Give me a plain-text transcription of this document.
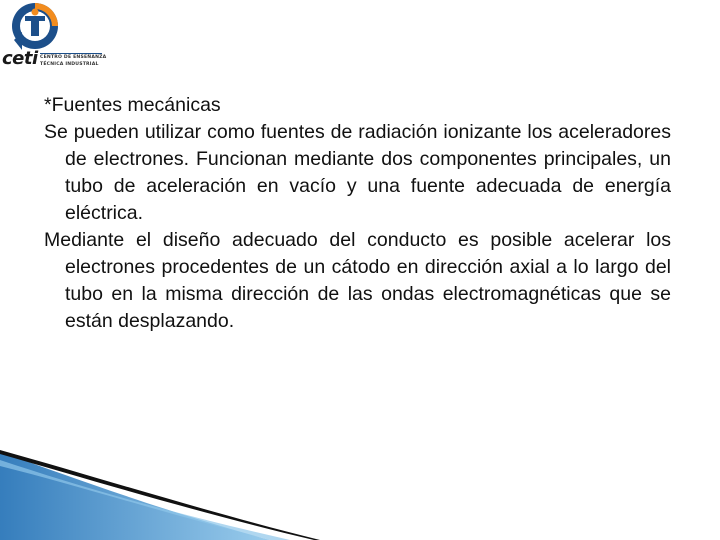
ceti CENTRO DE ENSEÑANZA
TÉCNICA INDUSTRIAL

*Fuentes mecánicas

Se pueden utilizar como fuentes de radiación ionizante los aceleradores de electrones. Funcionan mediante dos componentes principales, un tubo de aceleración en vacío y una fuente adecuada de energía eléctrica.

Mediante el diseño adecuado del conducto es posible acelerar los electrones procedentes de un cátodo en dirección axial a lo largo del tubo en la misma dirección de las ondas electromagnéticas que se están desplazando.
